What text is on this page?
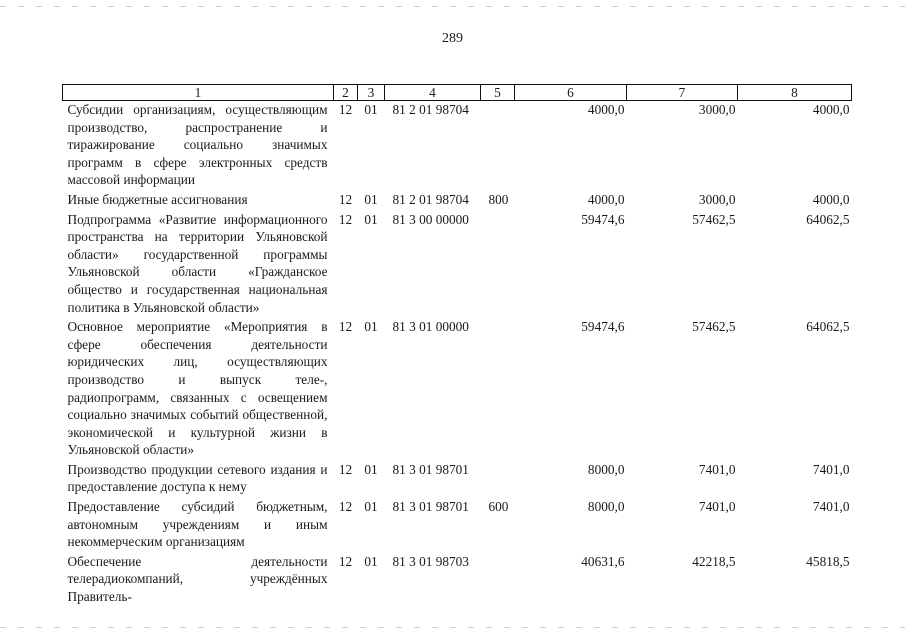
289
1	2	3	4	5	6	7	8
Субсидии организациям, осуществляющим производство, распространение и тиражирование социально значимых программ в сфере электронных средств массовой информации	12	01	81 2 01 98704		4000,0	3000,0	4000,0
Иные бюджетные ассигнования	12	01	81 2 01 98704	800	4000,0	3000,0	4000,0
Подпрограмма «Развитие информационного пространства на территории Ульяновской области» государственной программы Ульяновской области «Гражданское общество и государственная национальная политика в Ульяновской области»	12	01	81 3 00 00000		59474,6	57462,5	64062,5
Основное мероприятие «Мероприятия в сфере обеспечения деятельности юридических лиц, осуществляющих производство и выпуск теле-, радиопрограмм, связанных с освещением социально значимых событий общественной, экономической и культурной жизни в Ульяновской области»	12	01	81 3 01 00000		59474,6	57462,5	64062,5
Производство продукции сетевого издания и предоставление доступа к нему	12	01	81 3 01 98701		8000,0	7401,0	7401,0
Предоставление субсидий бюджетным, автономным учреждениям и иным некоммерческим организациям	12	01	81 3 01 98701	600	8000,0	7401,0	7401,0
Обеспечение деятельности телерадиокомпаний, учреждённых Правитель-	12	01	81 3 01 98703		40631,6	42218,5	45818,5
